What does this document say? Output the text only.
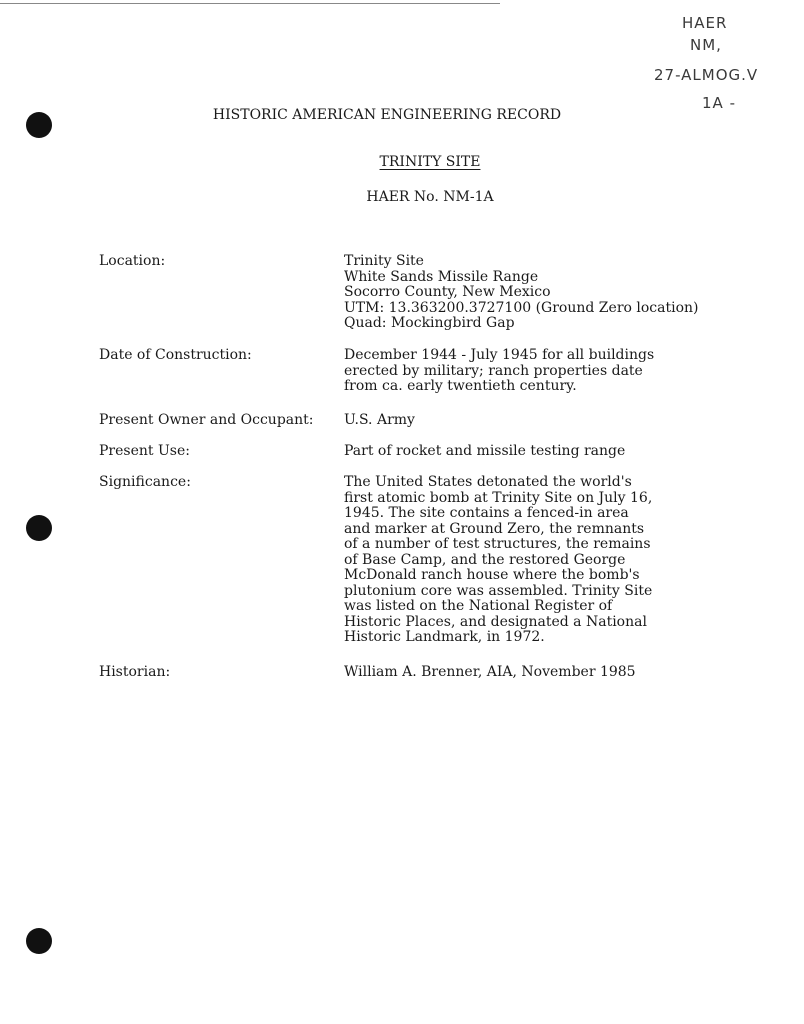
HAER
NM,
27-ALMOG.V
1A -
HISTORIC AMERICAN ENGINEERING RECORD
TRINITY SITE
HAER No. NM-1A
Location:	Trinity Site
White Sands Missile Range
Socorro County, New Mexico
UTM: 13.363200.3727100 (Ground Zero location)
Quad: Mockingbird Gap
Date of Construction:	December 1944 - July 1945 for all buildings
erected by military; ranch properties date
from ca. early twentieth century.
Present Owner and Occupant: U.S. Army
Present Use:	Part of rocket and missile testing range
Significance:	The United States detonated the world's
first atomic bomb at Trinity Site on July 16,
1945. The site contains a fenced-in area
and marker at Ground Zero, the remnants
of a number of test structures, the remains
of Base Camp, and the restored George
McDonald ranch house where the bomb's
plutonium core was assembled. Trinity Site
was listed on the National Register of
Historic Places, and designated a National
Historic Landmark, in 1972.
Historian:	William A. Brenner, AIA, November 1985
